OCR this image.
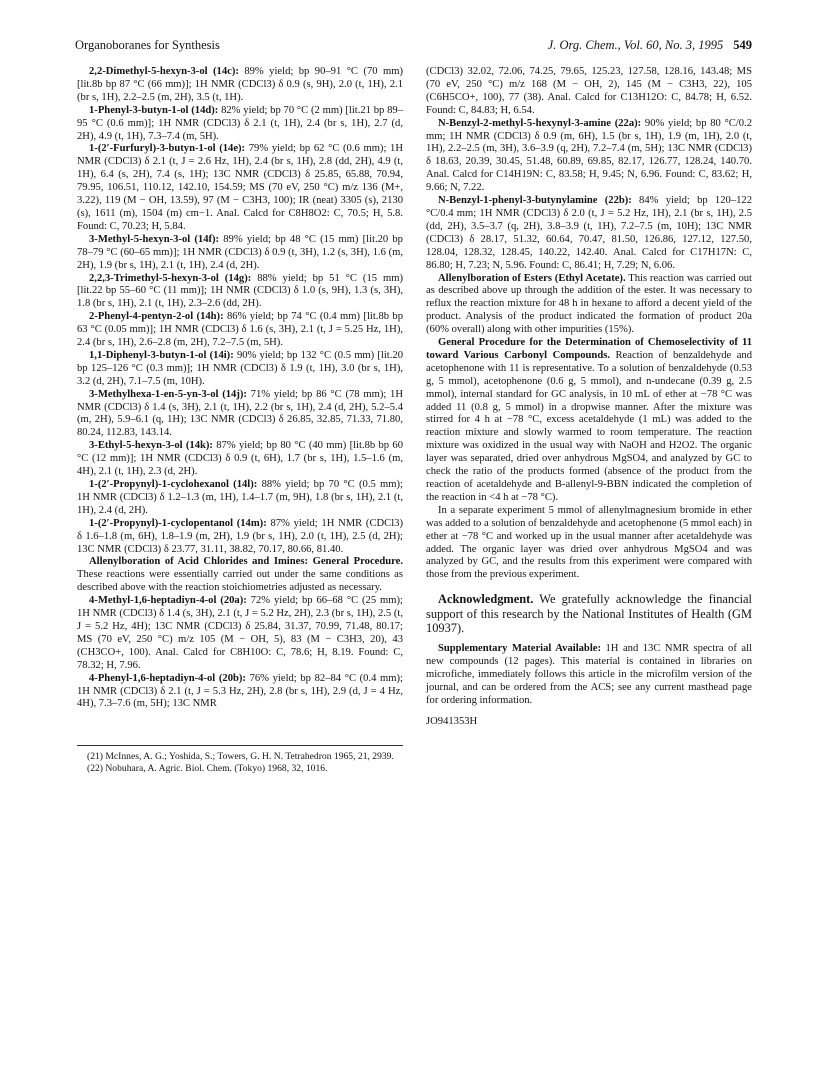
Organoboranes for Synthesis	J. Org. Chem., Vol. 60, No. 3, 1995 549

2,2-Dimethyl-5-hexyn-3-ol (14c): 89% yield; bp 90–91 °C (70 mm) [lit.8b bp 87 °C (66 mm)]; 1H NMR (CDCl3) δ 0.9 (s, 9H), 2.0 (t, 1H), 2.1 (br s, 1H), 2.2–2.5 (m, 2H), 3.5 (t, 1H).

1-Phenyl-3-butyn-1-ol (14d): 82% yield; bp 70 °C (2 mm) [lit.21 bp 89–95 °C (0.6 mm)]; 1H NMR (CDCl3) δ 2.1 (t, 1H), 2.4 (br s, 1H), 2.7 (d, 2H), 4.9 (t, 1H), 7.3–7.4 (m, 5H).

1-(2′-Furfuryl)-3-butyn-1-ol (14e): 79% yield; bp 62 °C (0.6 mm); 1H NMR (CDCl3) δ 2.1 (t, J = 2.6 Hz, 1H), 2.4 (br s, 1H), 2.8 (dd, 2H), 4.9 (t, 1H), 6.4 (s, 2H), 7.4 (s, 1H); 13C NMR (CDCl3) δ 25.85, 65.88, 70.94, 79.95, 106.51, 110.12, 142.10, 154.59; MS (70 eV, 250 °C) m/z 136 (M+, 3.22), 119 (M − OH, 13.59), 97 (M − C3H3, 100); IR (neat) 3305 (s), 2130 (s), 1611 (m), 1504 (m) cm−1. Anal. Calcd for C8H8O2: C, 70.5; H, 5.8. Found: C, 70.23; H, 5.84.

3-Methyl-5-hexyn-3-ol (14f): 89% yield; bp 48 °C (15 mm) [lit.20 bp 78–79 °C (60–65 mm)]; 1H NMR (CDCl3) δ 0.9 (t, 3H), 1.2 (s, 3H), 1.6 (m, 2H), 1.9 (br s, 1H), 2.1 (t, 1H), 2.4 (d, 2H).

2,2,3-Trimethyl-5-hexyn-3-ol (14g): 88% yield; bp 51 °C (15 mm) [lit.22 bp 55–60 °C (11 mm)]; 1H NMR (CDCl3) δ 1.0 (s, 9H), 1.3 (s, 3H), 1.8 (br s, 1H), 2.1 (t, 1H), 2.3–2.6 (dd, 2H).

2-Phenyl-4-pentyn-2-ol (14h): 86% yield; bp 74 °C (0.4 mm) [lit.8b bp 63 °C (0.05 mm)]; 1H NMR (CDCl3) δ 1.6 (s, 3H), 2.1 (t, J = 5.25 Hz, 1H), 2.4 (br s, 1H), 2.6–2.8 (m, 2H), 7.2–7.5 (m, 5H).

1,1-Diphenyl-3-butyn-1-ol (14i): 90% yield; bp 132 °C (0.5 mm) [lit.20 bp 125–126 °C (0.3 mm)]; 1H NMR (CDCl3) δ 1.9 (t, 1H), 3.0 (br s, 1H), 3.2 (d, 2H), 7.1–7.5 (m, 10H).

3-Methylhexa-1-en-5-yn-3-ol (14j): 71% yield; bp 86 °C (78 mm); 1H NMR (CDCl3) δ 1.4 (s, 3H), 2.1 (t, 1H), 2.2 (br s, 1H), 2.4 (d, 2H), 5.2–5.4 (m, 2H), 5.9–6.1 (q, 1H); 13C NMR (CDCl3) δ 26.85, 32.85, 71.33, 71.80, 80.24, 112.83, 143.14.

3-Ethyl-5-hexyn-3-ol (14k): 87% yield; bp 80 °C (40 mm) [lit.8b bp 60 °C (12 mm)]; 1H NMR (CDCl3) δ 0.9 (t, 6H), 1.7 (br s, 1H), 1.5–1.6 (m, 4H), 2.1 (t, 1H), 2.3 (d, 2H).

1-(2′-Propynyl)-1-cyclohexanol (14l): 88% yield; bp 70 °C (0.5 mm); 1H NMR (CDCl3) δ 1.2–1.3 (m, 1H), 1.4–1.7 (m, 9H), 1.8 (br s, 1H), 2.1 (t, 1H), 2.4 (d, 2H).

1-(2′-Propynyl)-1-cyclopentanol (14m): 87% yield; 1H NMR (CDCl3) δ 1.6–1.8 (m, 6H), 1.8–1.9 (m, 2H), 1.9 (br s, 1H), 2.0 (t, 1H), 2.5 (d, 2H); 13C NMR (CDCl3) δ 23.77, 31.11, 38.82, 70.17, 80.66, 81.40.

Allenylboration of Acid Chlorides and Imines: General Procedure. These reactions were essentially carried out under the same conditions as described above with the reaction stoichiometries adjusted as necessary.

4-Methyl-1,6-heptadiyn-4-ol (20a): 72% yield; bp 66–68 °C (25 mm); 1H NMR (CDCl3) δ 1.4 (s, 3H), 2.1 (t, J = 5.2 Hz, 2H), 2.3 (br s, 1H), 2.5 (t, J = 5.2 Hz, 4H); 13C NMR (CDCl3) δ 25.84, 31.37, 70.99, 71.48, 80.17; MS (70 eV, 250 °C) m/z 105 (M − OH, 5), 83 (M − C3H3, 20), 43 (CH3CO+, 100). Anal. Calcd for C8H10O: C, 78.6; H, 8.19. Found: C, 78.32; H, 7.96.

4-Phenyl-1,6-heptadiyn-4-ol (20b): 76% yield; bp 82–84 °C (0.4 mm); 1H NMR (CDCl3) δ 2.1 (t, J = 5.3 Hz, 2H), 2.8 (br s, 1H), 2.9 (d, J = 4 Hz, 4H), 7.3–7.6 (m, 5H); 13C NMR

(21) McInnes, A. G.; Yoshida, S.; Towers, G. H. N. Tetrahedron 1965, 21, 2939.

(22) Nobuhara, A. Agric. Biol. Chem. (Tokyo) 1968, 32, 1016.

(CDCl3) 32.02, 72.06, 74.25, 79.65, 125.23, 127.58, 128.16, 143.48; MS (70 eV, 250 °C) m/z 168 (M − OH, 2), 145 (M − C3H3, 22), 105 (C6H5CO+, 100), 77 (38). Anal. Calcd for C13H12O: C, 84.78; H, 6.52. Found: C, 84.83; H, 6.54.

N-Benzyl-2-methyl-5-hexynyl-3-amine (22a): 90% yield; bp 80 °C/0.2 mm; 1H NMR (CDCl3) δ 0.9 (m, 6H), 1.5 (br s, 1H), 1.9 (m, 1H), 2.0 (t, 1H), 2.2–2.5 (m, 3H), 3.6–3.9 (q, 2H), 7.2–7.4 (m, 5H); 13C NMR (CDCl3) δ 18.63, 20.39, 30.45, 51.48, 60.89, 69.85, 82.17, 126.77, 128.24, 140.70. Anal. Calcd for C14H19N: C, 83.58; H, 9.45; N, 6.96. Found: C, 83.62; H, 9.66; N, 7.22.

N-Benzyl-1-phenyl-3-butynylamine (22b): 84% yield; bp 120–122 °C/0.4 mm; 1H NMR (CDCl3) δ 2.0 (t, J = 5.2 Hz, 1H), 2.1 (br s, 1H), 2.5 (dd, 2H), 3.5–3.7 (q, 2H), 3.8–3.9 (t, 1H), 7.2–7.5 (m, 10H); 13C NMR (CDCl3) δ 28.17, 51.32, 60.64, 70.47, 81.50, 126.86, 127.12, 127.50, 128.04, 128.32, 128.45, 140.22, 142.40. Anal. Calcd for C17H17N: C, 86.80; H, 7.23; N, 5.96. Found: C, 86.41; H, 7.29; N, 6.06.

Allenylboration of Esters (Ethyl Acetate). This reaction was carried out as described above up through the addition of the ester. It was necessary to reflux the reaction mixture for 48 h in hexane to afford a decent yield of the product. Analysis of the product indicated the formation of product 20a (60% overall) along with other impurities (15%).

General Procedure for the Determination of Chemoselectivity of 11 toward Various Carbonyl Compounds. Reaction of benzaldehyde and acetophenone with 11 is representative. To a solution of benzaldehyde (0.53 g, 5 mmol), acetophenone (0.6 g, 5 mmol), and n-undecane (0.39 g, 2.5 mmol), internal standard for GC analysis, in 10 mL of ether at −78 °C was added 11 (0.8 g, 5 mmol) in a dropwise manner. After the mixture was stirred for 4 h at −78 °C, excess acetaldehyde (1 mL) was added to the reaction mixture and slowly warmed to room temperature. The reaction mixture was oxidized in the usual way with NaOH and H2O2. The organic layer was separated, dried over anhydrous MgSO4, and analyzed by GC to check the ratio of the products formed (absence of the product from the reaction of acetaldehyde and B-allenyl-9-BBN indicated the completion of the reaction in <4 h at −78 °C).

In a separate experiment 5 mmol of allenylmagnesium bromide in ether was added to a solution of benzaldehyde and acetophenone (5 mmol each) in ether at −78 °C and worked up in the usual manner after acetaldehyde was added. The organic layer was dried over anhydrous MgSO4 and was analyzed by GC, and the results from this experiment were compared with those from the previous experiment.

Acknowledgment. We gratefully acknowledge the financial support of this research by the National Institutes of Health (GM 10937).

Supplementary Material Available: 1H and 13C NMR spectra of all new compounds (12 pages). This material is contained in libraries on microfiche, immediately follows this article in the microfilm version of the journal, and can be ordered from the ACS; see any current masthead page for ordering information.

JO941353H
